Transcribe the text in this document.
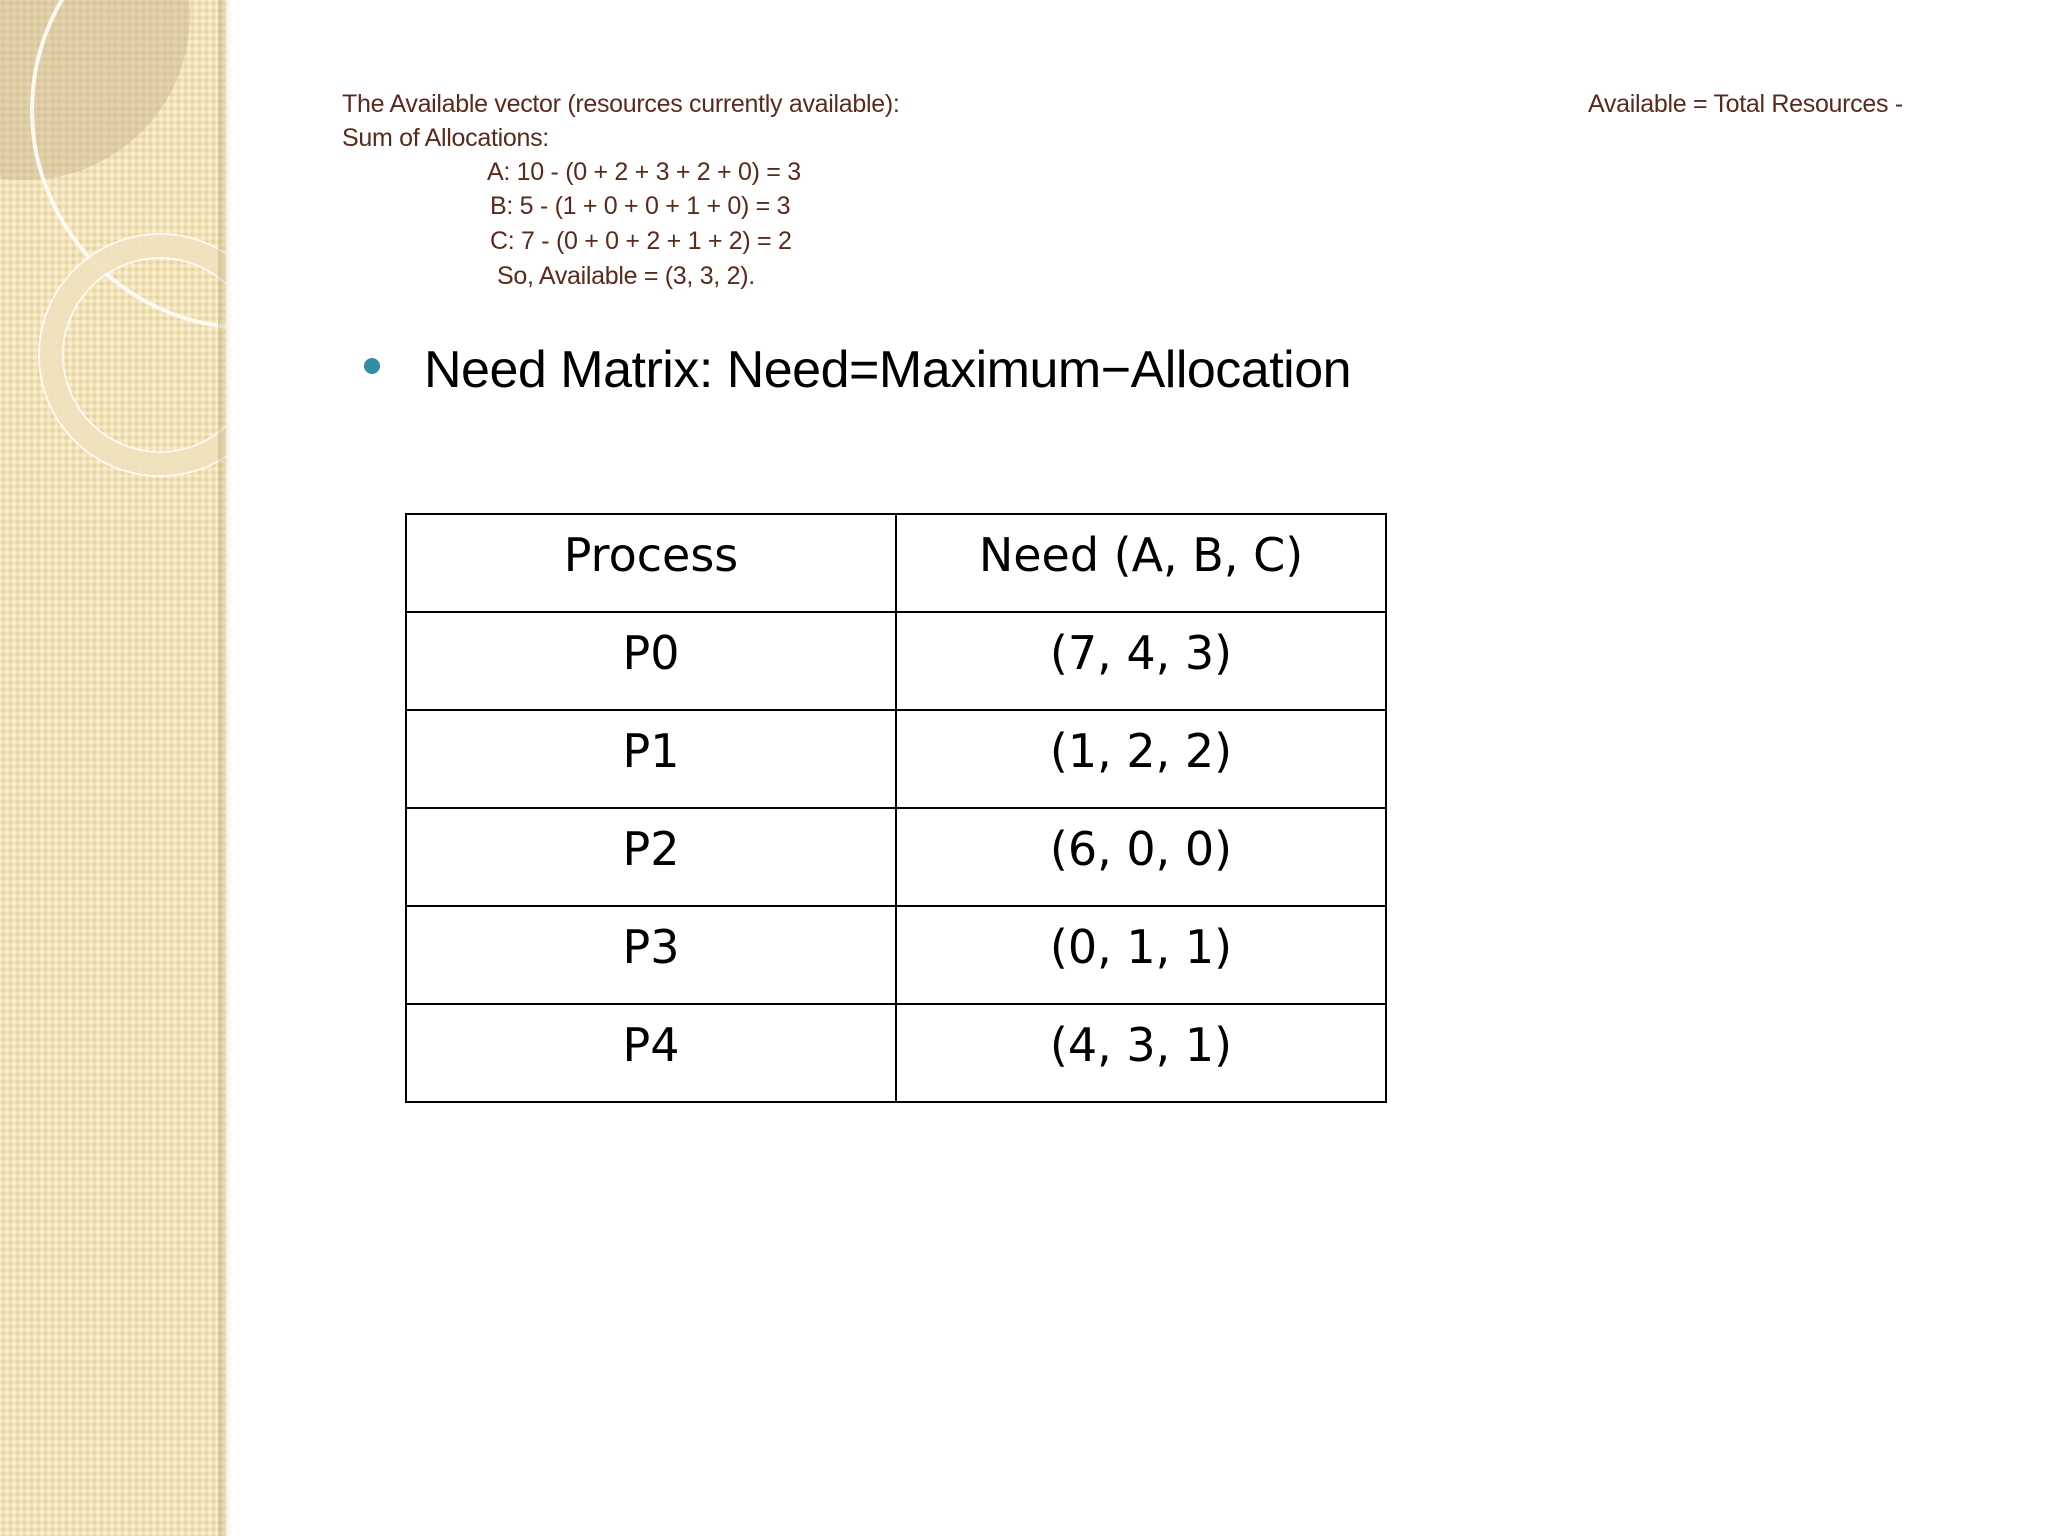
The Available vector (resources currently available):	Available = Total Resources -
Sum of Allocations:
A: 10 - (0 + 2 + 3 + 2 + 0) = 3
B: 5 - (1 + 0 + 0 + 1 + 0) = 3
C: 7 - (0 + 0 + 2 + 1 + 2) = 2
So, Available = (3, 3, 2).
Need Matrix: Need=Maximum−Allocation
Process	Need (A, B, C)
P0	(7, 4, 3)
P1	(1, 2, 2)
P2	(6, 0, 0)
P3	(0, 1, 1)
P4	(4, 3, 1)
